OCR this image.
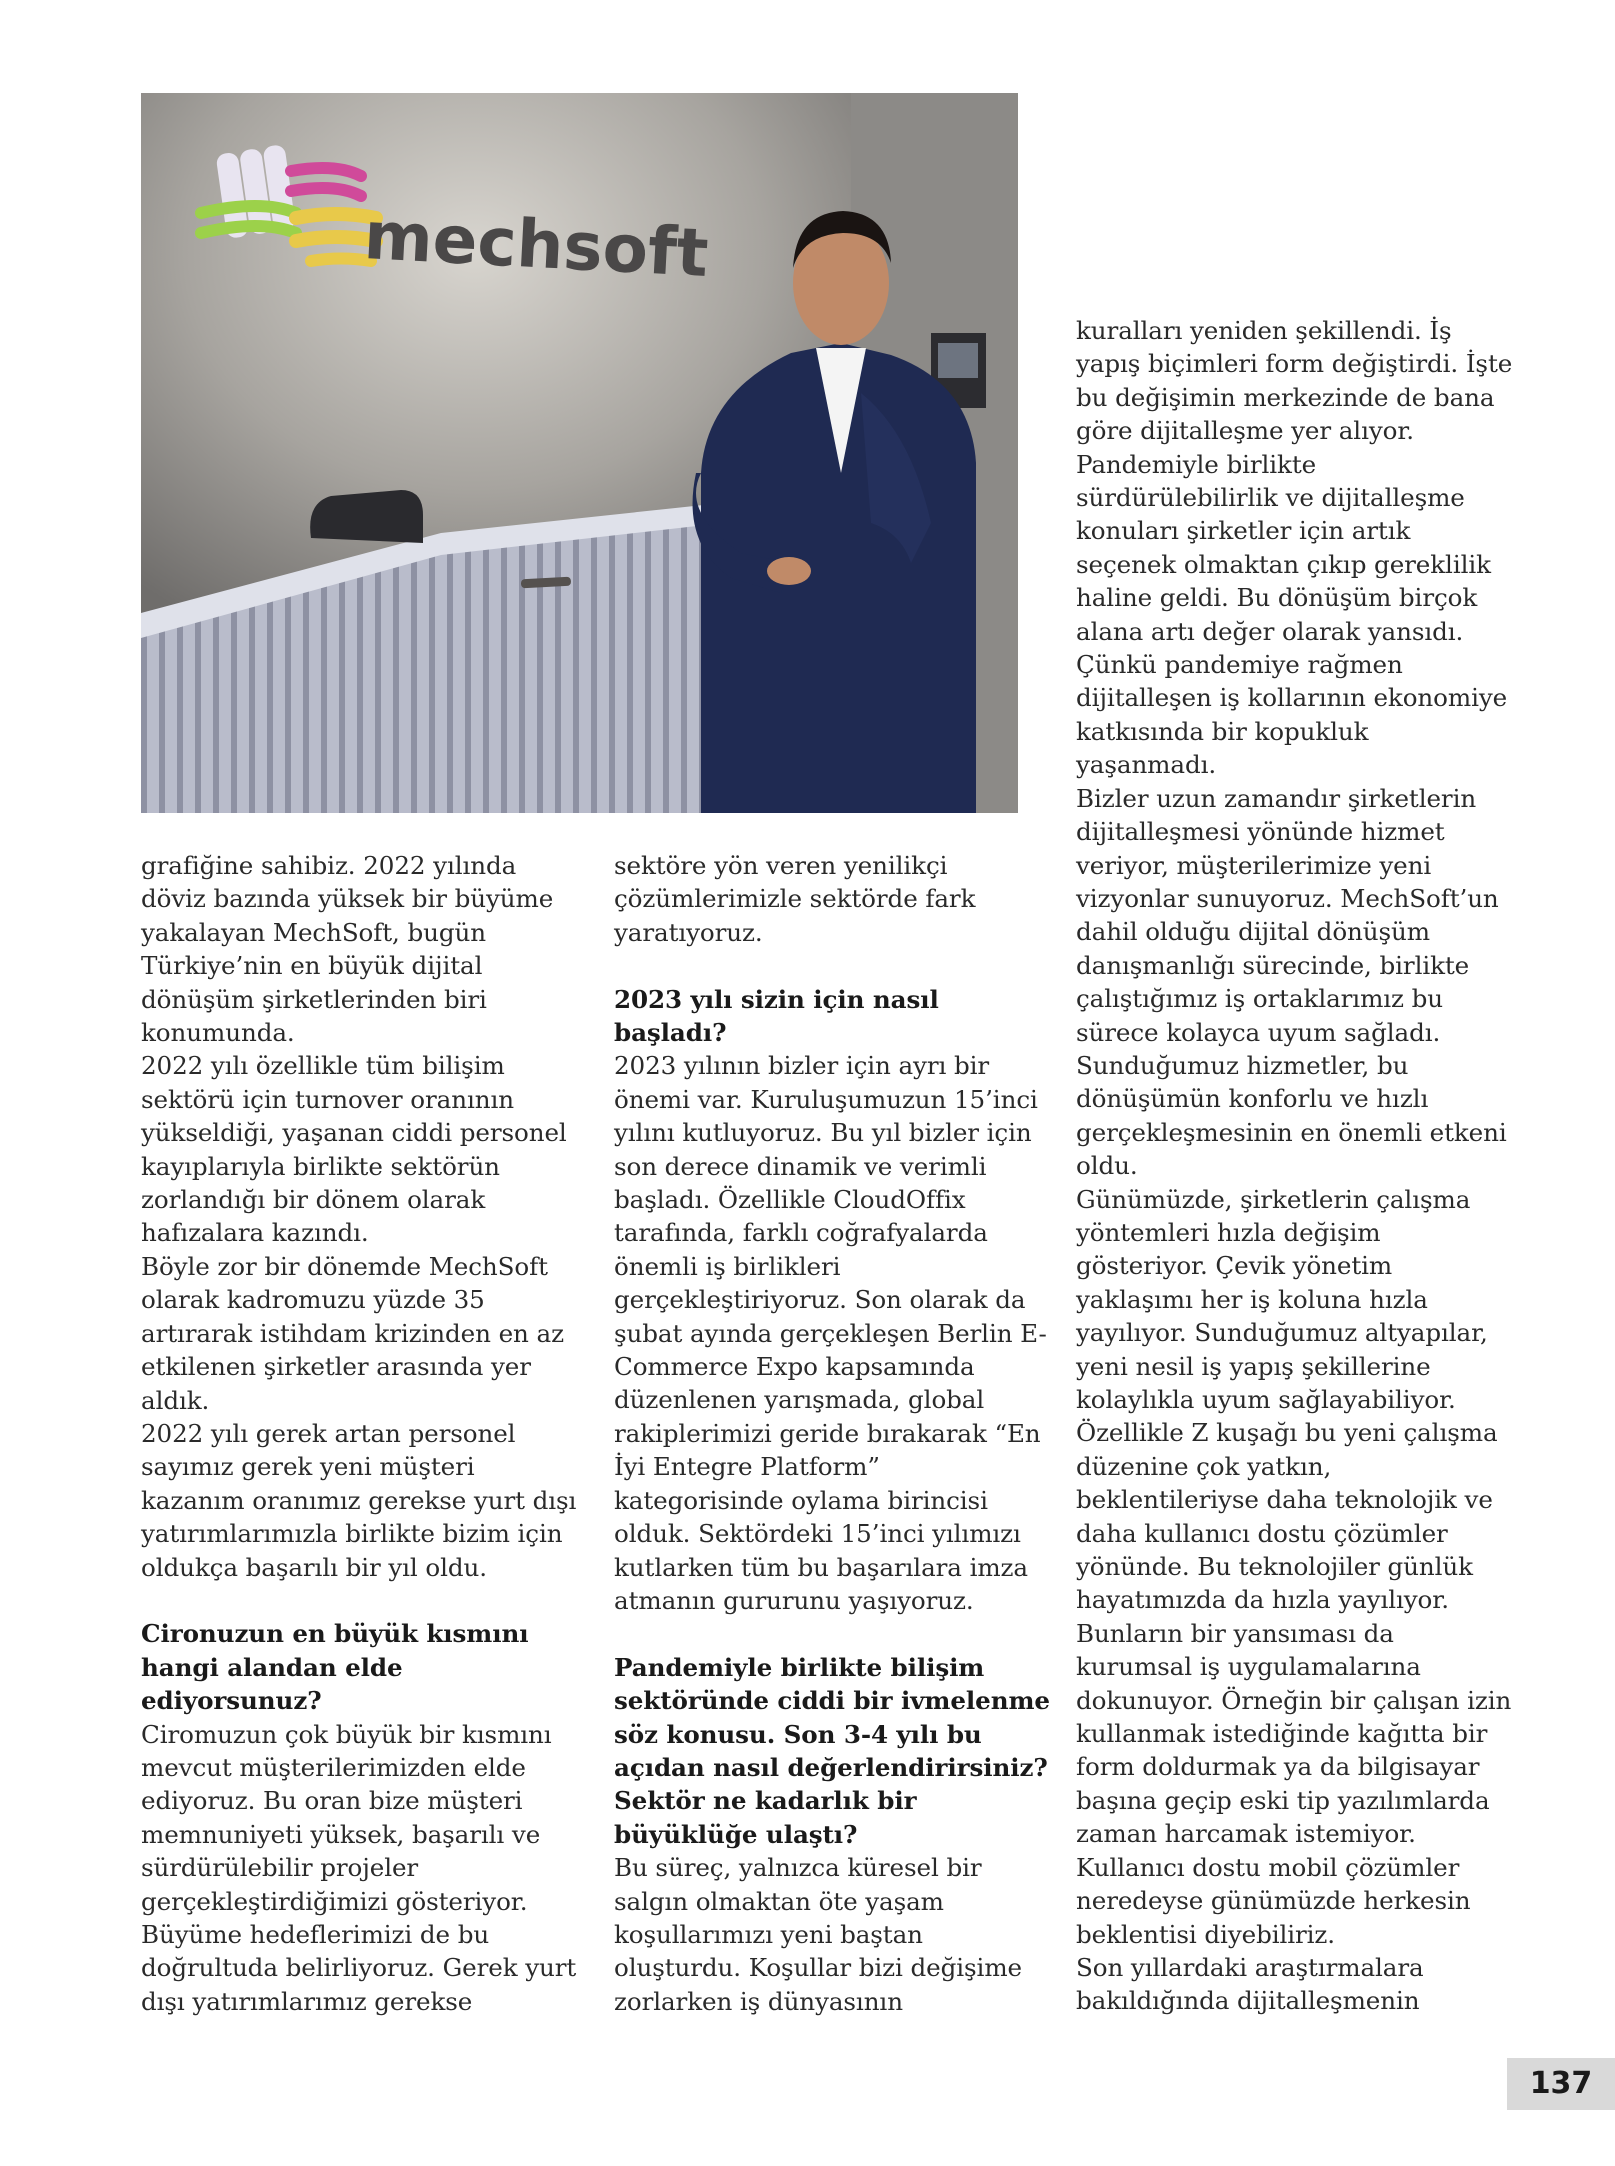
mechsoft

grafiğine sahibiz. 2022 yılında döviz bazında yüksek bir büyüme yakalayan MechSoft, bugün Türkiye’nin en büyük dijital dönüşüm şirketlerinden biri konumunda.

2022 yılı özellikle tüm bilişim sektörü için turnover oranının yükseldiği, yaşanan ciddi personel kayıplarıyla birlikte sektörün zorlandığı bir dönem olarak hafızalara kazındı.

Böyle zor bir dönemde MechSoft olarak kadromuzu yüzde 35 artırarak istihdam krizinden en az etkilenen şirketler arasında yer aldık.

2022 yılı gerek artan personel sayımız gerek yeni müşteri kazanım oranımız gerekse yurt dışı yatırımlarımızla birlikte bizim için oldukça başarılı bir yıl oldu.

Cironuzun en büyük kısmını hangi alandan elde ediyorsunuz?

Ciromuzun çok büyük bir kısmını mevcut müşterilerimizden elde ediyoruz. Bu oran bize müşteri memnuniyeti yüksek, başarılı ve sürdürülebilir projeler gerçekleştirdiğimizi gösteriyor. Büyüme hedeflerimizi de bu doğrultuda belirliyoruz. Gerek yurt dışı yatırımlarımız gerekse

sektöre yön veren yenilikçi çözümlerimizle sektörde fark yaratıyoruz.

2023 yılı sizin için nasıl başladı?

2023 yılının bizler için ayrı bir önemi var. Kuruluşumuzun 15’inci yılını kutluyoruz. Bu yıl bizler için son derece dinamik ve verimli başladı. Özellikle CloudOffix tarafında, farklı coğrafyalarda önemli iş birlikleri gerçekleştiriyoruz. Son olarak da şubat ayında gerçekleşen Berlin E-Commerce Expo kapsamında düzenlenen yarışmada, global rakiplerimizi geride bırakarak “En İyi Entegre Platform” kategorisinde oylama birincisi olduk. Sektördeki 15’inci yılımızı kutlarken tüm bu başarılara imza atmanın gururunu yaşıyoruz.

Pandemiyle birlikte bilişim sektöründe ciddi bir ivmelenme söz konusu. Son 3-4 yılı bu açıdan nasıl değerlendirirsiniz? Sektör ne kadarlık bir büyüklüğe ulaştı?

Bu süreç, yalnızca küresel bir salgın olmaktan öte yaşam koşullarımızı yeni baştan oluşturdu. Koşullar bizi değişime zorlarken iş dünyasının

kuralları yeniden şekillendi. İş yapış biçimleri form değiştirdi. İşte bu değişimin merkezinde de bana göre dijitalleşme yer alıyor. Pandemiyle birlikte sürdürülebilirlik ve dijitalleşme konuları şirketler için artık seçenek olmaktan çıkıp gereklilik haline geldi. Bu dönüşüm birçok alana artı değer olarak yansıdı. Çünkü pandemiye rağmen dijitalleşen iş kollarının ekonomiye katkısında bir kopukluk yaşanmadı.

Bizler uzun zamandır şirketlerin dijitalleşmesi yönünde hizmet veriyor, müşterilerimize yeni vizyonlar sunuyoruz. MechSoft’un dahil olduğu dijital dönüşüm danışmanlığı sürecinde, birlikte çalıştığımız iş ortaklarımız bu sürece kolayca uyum sağladı. Sunduğumuz hizmetler, bu dönüşümün konforlu ve hızlı gerçekleşmesinin en önemli etkeni oldu.

Günümüzde, şirketlerin çalışma yöntemleri hızla değişim gösteriyor. Çevik yönetim yaklaşımı her iş koluna hızla yayılıyor. Sunduğumuz altyapılar, yeni nesil iş yapış şekillerine kolaylıkla uyum sağlayabiliyor. Özellikle Z kuşağı bu yeni çalışma düzenine çok yatkın, beklentileriyse daha teknolojik ve daha kullanıcı dostu çözümler yönünde. Bu teknolojiler günlük hayatımızda da hızla yayılıyor. Bunların bir yansıması da kurumsal iş uygulamalarına dokunuyor. Örneğin bir çalışan izin kullanmak istediğinde kağıtta bir form doldurmak ya da bilgisayar başına geçip eski tip yazılımlarda zaman harcamak istemiyor. Kullanıcı dostu mobil çözümler neredeyse günümüzde herkesin beklentisi diyebiliriz.

Son yıllardaki araştırmalara bakıldığında dijitalleşmenin

137
